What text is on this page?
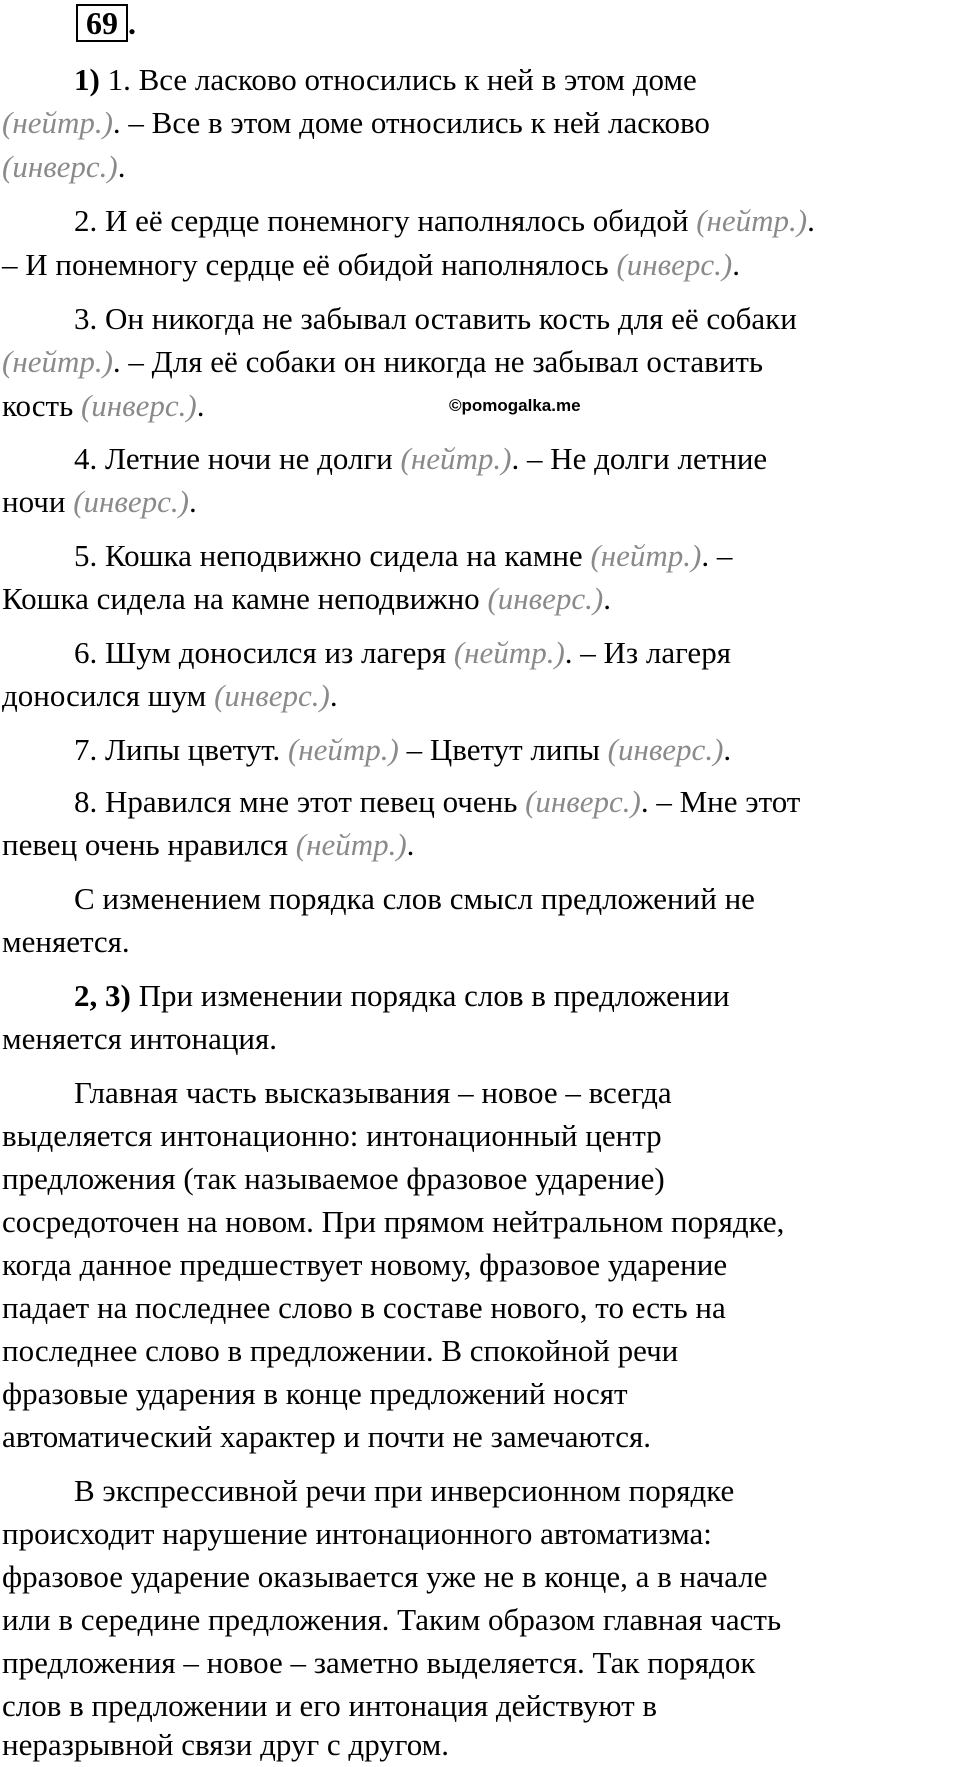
69 .
1) 1. Все ласково относились к ней в этом доме
(нейтр.). – Все в этом доме относились к ней ласково
(инверс.).
2. И её сердце понемногу наполнялось обидой (нейтр.).
– И понемногу сердце её обидой наполнялось (инверс.).
3. Он никогда не забывал оставить кость для её собаки
(нейтр.). – Для её собаки он никогда не забывал оставить
кость (инверс.).	©pomogalka.me
4. Летние ночи не долги (нейтр.). – Не долги летние
ночи (инверс.).
5. Кошка неподвижно сидела на камне (нейтр.). –
Кошка сидела на камне неподвижно (инверс.).
6. Шум доносился из лагеря (нейтр.). – Из лагеря
доносился шум (инверс.).
7. Липы цветут. (нейтр.) – Цветут липы (инверс.).
8. Нравился мне этот певец очень (инверс.). – Мне этот
певец очень нравился (нейтр.).
С изменением порядка слов смысл предложений не
меняется.
2, 3) При изменении порядка слов в предложении
меняется интонация.
Главная часть высказывания – новое – всегда
выделяется интонационно: интонационный центр
предложения (так называемое фразовое ударение)
сосредоточен на новом. При прямом нейтральном порядке,
когда данное предшествует новому, фразовое ударение
падает на последнее слово в составе нового, то есть на
последнее слово в предложении. В спокойной речи
фразовые ударения в конце предложений носят
автоматический характер и почти не замечаются.
В экспрессивной речи при инверсионном порядке
происходит нарушение интонационного автоматизма:
фразовое ударение оказывается уже не в конце, а в начале
или в середине предложения. Таким образом главная часть
предложения – новое – заметно выделяется. Так порядок
слов в предложении и его интонация действуют в
неразрывной связи друг с другом.
